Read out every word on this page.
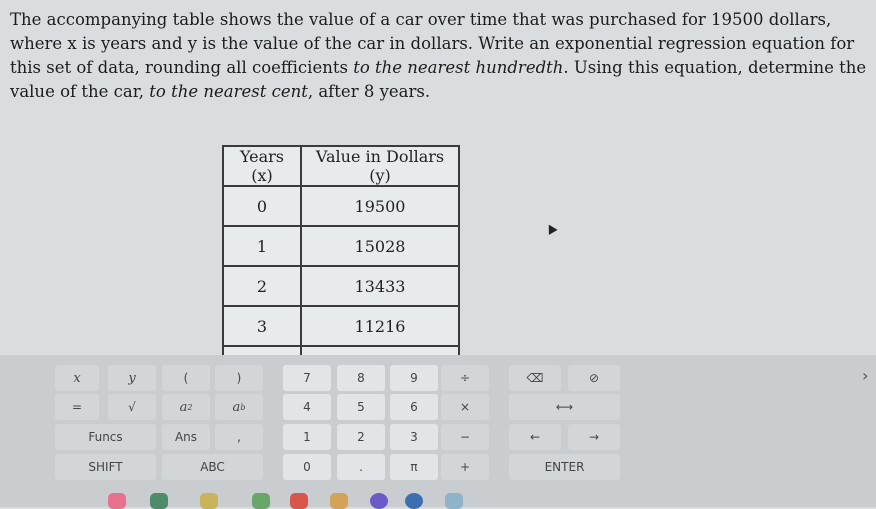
The accompanying table shows the value of a car over time that was purchased for 19500 dollars, where x is years and y is the value of the car in dollars. Write an exponential regression equation for this set of data, rounding all coefficients to the nearest hundredth. Using this equation, determine the value of the car, to the nearest cent, after 8 years.
Years (x)	Value in Dollars (y)
0	19500
1	15028
2	13433
3	11216

x	y	(	)	7	8	9	÷	⌫	⊘
=	√	a 2	a b	4	5	6	×	⟷
Funcs	Ans	,	1	2	3	−	←	→
SHIFT	ABC	0	.	π	+	ENTER
›
